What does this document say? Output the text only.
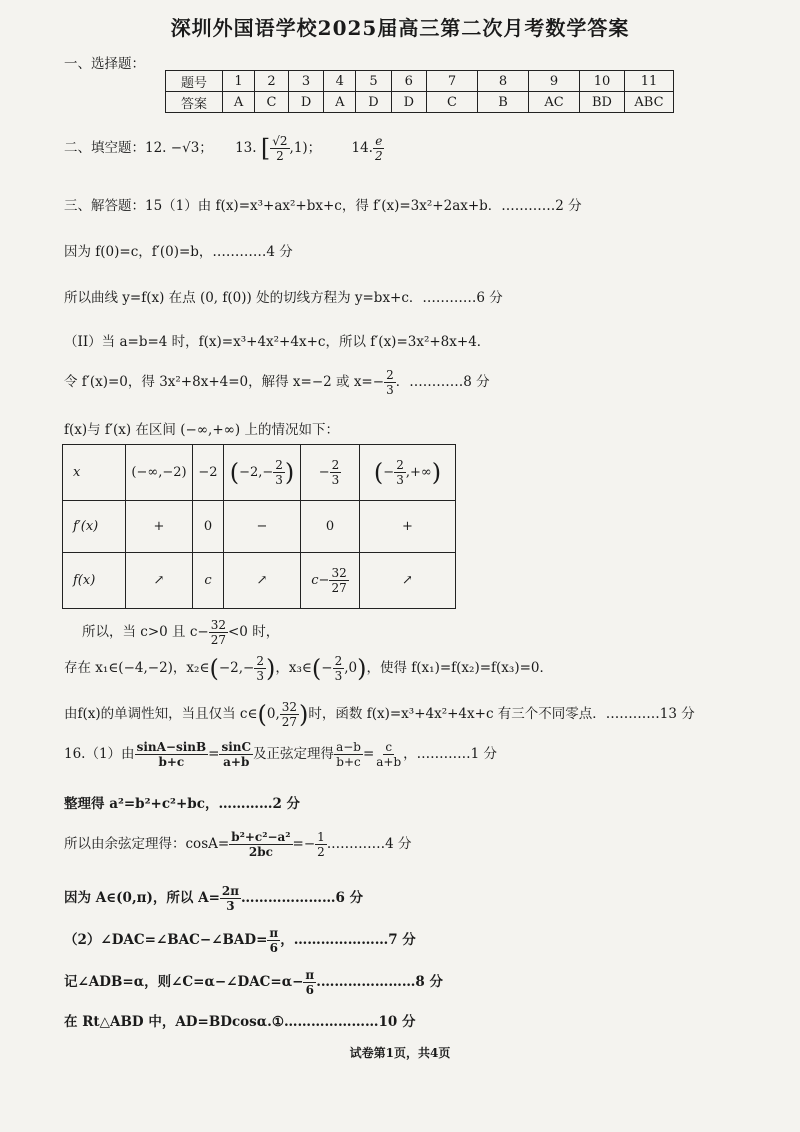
深圳外国语学校2025届高三第二次月考数学答案
一、选择题：
题号	1	2	3	4	5	6	7	8	9	10	11
答案	A	C	D	A	D	D	C	B	AC	BD	ABC
二、填空题：12. −√3； 13. [ $\frac{√2}{2} ,1$)； 14. $\frac{e}{2}$
三、解答题：15（1）由 f(x)=x³+ax²+bx+c，得 f′(x)=3x²+2ax+b．…………2 分
因为 f(0)=c，f′(0)=b，…………4 分
所以曲线 y=f(x) 在点 (0, f(0)) 处的切线方程为 y=bx+c．…………6 分
（II）当 a=b=4 时，f(x)=x³+4x²+4x+c，所以 f′(x)=3x²+8x+4．
令 f′(x)=0，得 3x²+8x+4=0，解得 x=−2 或 $x=- \frac{2}{3}$ ．…………8 分
f(x)与 f′(x) 在区间 (−∞,+∞) 上的情况如下：
x	(−∞,−2)	−2	($-2,- \frac{2}{3}$ )	− $\frac{2}{3}$	(− $\frac{2}{3}$ ,+∞)
f′(x)	+	0	−	0	+
f(x)	↗	c	↗	$c- \frac{32}{27}$	↗
所以，当 c>0 且 $c- \frac{32}{27} <0$ 时，
存在 x₁∈(−4,−2)，x₂∈(−2,− $\frac{2}{3}$ )，x₃∈(− $\frac{2}{3} ,0$)，使得 f(x₁)=f(x₂)=f(x₃)=0．
由f(x)的单调性知，当且仅当 c∈(0, $\frac{32}{27}$ )时，函数 f(x)=x³+4x²+4x+c 有三个不同零点．…………13 分
16.（1）由 $\frac{\sin A-\sin B}{b+c} = \frac{\sin C}{a+b}$ 及正弦定理得 $\frac{a-b}{b+c} = \frac{c}{a+b}$ ，…………1 分
整理得 a²=b²+c²+bc，…………2 分
所以由余弦定理得：$\cos A= \frac{\text{b²+c²−a²}}{2bc} =- \frac{1}{2}$ .…………4 分
因为 A∈(0,π)，所以 $A= \frac{2\pi}{3}$ …………………6 分
（2）∠DAC=∠BAC−∠BAD= $\frac{\pi}{6}$ ，…………………7 分
记∠ADB=α，则∠C=α−∠DAC=α− $\frac{\pi}{6}$ .…………………8 分
在 Rt△ABD 中，AD=BDcosα.①…………………10 分
试卷第1页，共4页
